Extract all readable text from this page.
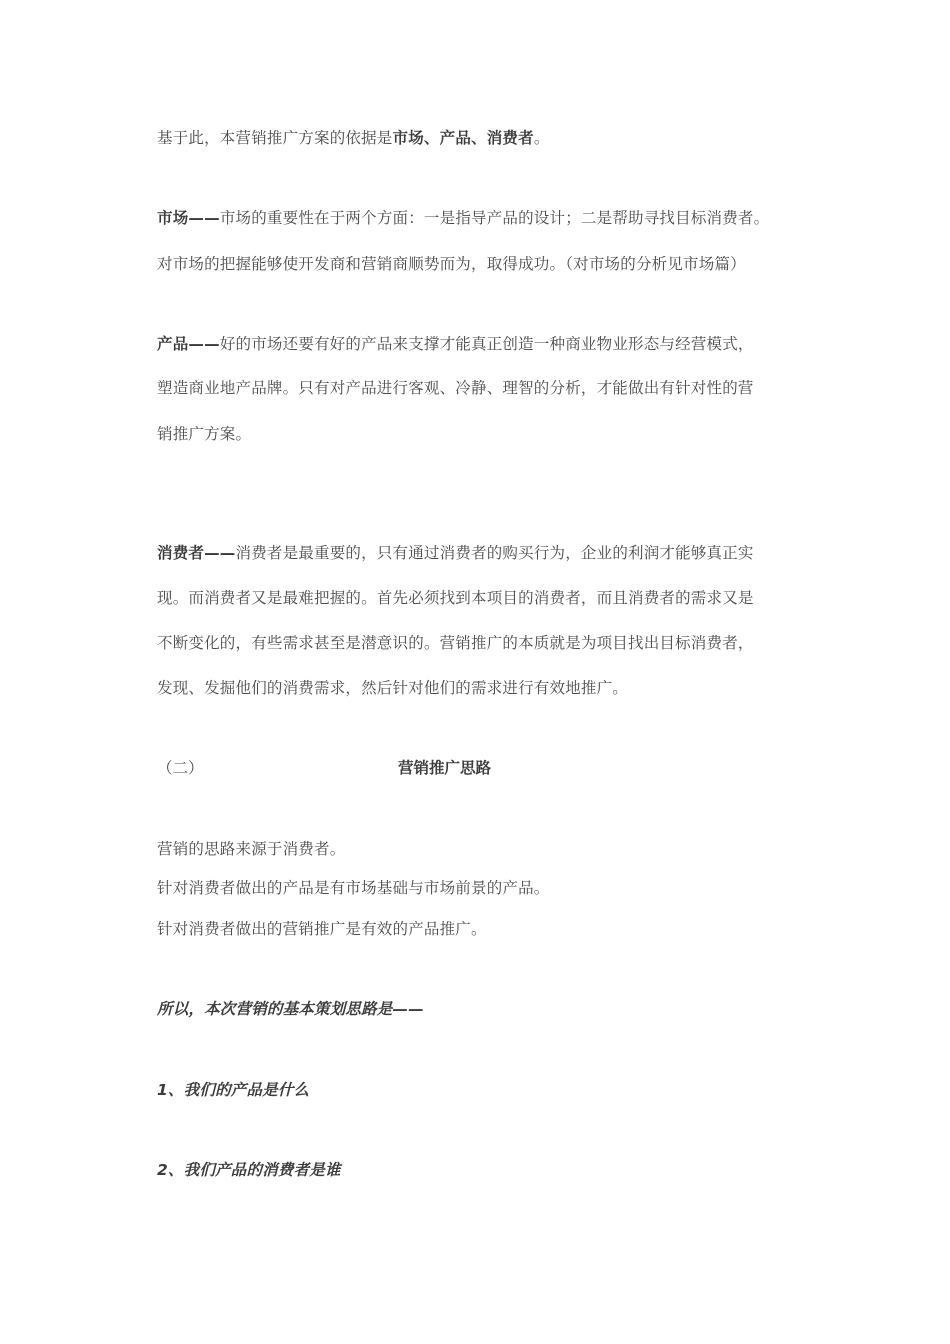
基于此，本营销推广方案的依据是市场、产品、消费者。
市场——市场的重要性在于两个方面：一是指导产品的设计；二是帮助寻找目标消费者。
对市场的把握能够使开发商和营销商顺势而为，取得成功。（对市场的分析见市场篇）
产品——好的市场还要有好的产品来支撑才能真正创造一种商业物业形态与经营模式，
塑造商业地产品牌。只有对产品进行客观、冷静、理智的分析，才能做出有针对性的营
销推广方案。
消费者——消费者是最重要的，只有通过消费者的购买行为，企业的利润才能够真正实
现。而消费者又是最难把握的。首先必须找到本项目的消费者，而且消费者的需求又是
不断变化的，有些需求甚至是潜意识的。营销推广的本质就是为项目找出目标消费者，
发现、发掘他们的消费需求，然后针对他们的需求进行有效地推广。
（二）	营销推广思路
营销的思路来源于消费者。
针对消费者做出的产品是有市场基础与市场前景的产品。
针对消费者做出的营销推广是有效的产品推广。
所以，本次营销的基本策划思路是——
1、我们的产品是什么
2、我们产品的消费者是谁
